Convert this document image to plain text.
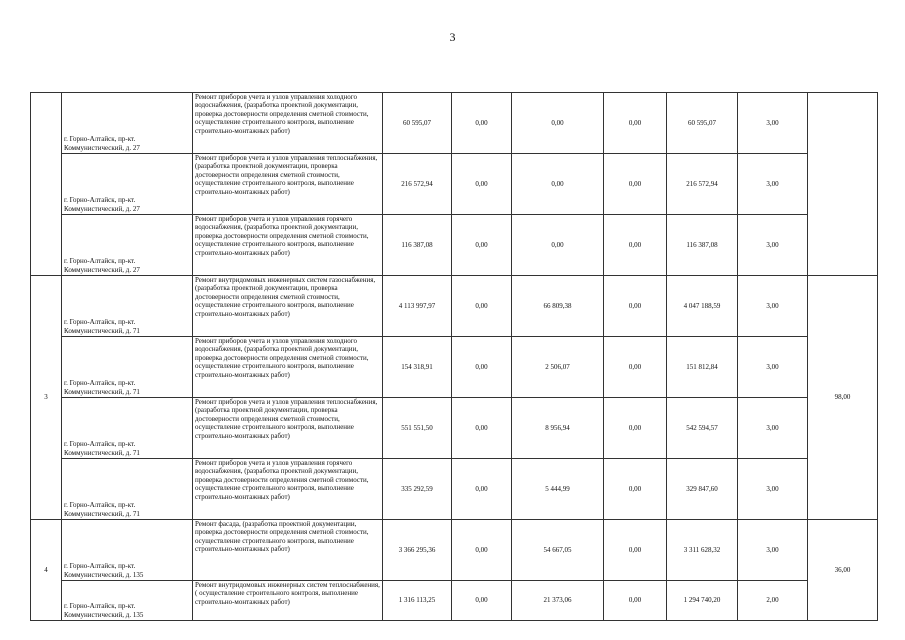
3
	г. Горно-Алтайск, пр-кт. Коммунистический, д. 27	Ремонт приборов учета и узлов управления холодного водоснабжения, (разработка проектной документации, проверка достоверности определения сметной стоимости, осуществление строительного контроля, выполнение строительно-монтажных работ)	60 595,07	0,00	0,00	0,00	60 595,07	3,00	
	г. Горно-Алтайск, пр-кт. Коммунистический, д. 27	Ремонт приборов учета и узлов управления теплоснабжения, (разработка проектной документации, проверка достоверности определения сметной стоимости, осуществление строительного контроля, выполнение строительно-монтажных работ)	216 572,94	0,00	0,00	0,00	216 572,94	3,00	
	г. Горно-Алтайск, пр-кт. Коммунистический, д. 27	Ремонт приборов учета и узлов управления горячего водоснабжения, (разработка проектной документации, проверка достоверности определения сметной стоимости, осуществление строительного контроля, выполнение строительно-монтажных работ)	116 387,08	0,00	0,00	0,00	116 387,08	3,00	
3	г. Горно-Алтайск, пр-кт. Коммунистический, д. 71	Ремонт внутридомовых инженерных систем газоснабжения, (разработка проектной документации, проверка достоверности определения сметной стоимости, осуществление строительного контроля, выполнение строительно-монтажных работ)	4 113 997,97	0,00	66 809,38	0,00	4 047 188,59	3,00	98,00
	г. Горно-Алтайск, пр-кт. Коммунистический, д. 71	Ремонт приборов учета и узлов управления холодного водоснабжения, (разработка проектной документации, проверка достоверности определения сметной стоимости, осуществление строительного контроля, выполнение строительно-монтажных работ)	154 318,91	0,00	2 506,07	0,00	151 812,84	3,00	
	г. Горно-Алтайск, пр-кт. Коммунистический, д. 71	Ремонт приборов учета и узлов управления теплоснабжения, (разработка проектной документации, проверка достоверности определения сметной стоимости, осуществление строительного контроля, выполнение строительно-монтажных работ)	551 551,50	0,00	8 956,94	0,00	542 594,57	3,00	
	г. Горно-Алтайск, пр-кт. Коммунистический, д. 71	Ремонт приборов учета и узлов управления горячего водоснабжения, (разработка проектной документации, проверка достоверности определения сметной стоимости, осуществление строительного контроля, выполнение строительно-монтажных работ)	335 292,59	0,00	5 444,99	0,00	329 847,60	3,00	
4	г. Горно-Алтайск, пр-кт. Коммунистический, д. 135	Ремонт фасада, (разработка проектной документации, проверка достоверности определения сметной стоимости, осуществление строительного контроля, выполнение строительно-монтажных работ)	3 366 295,36	0,00	54 667,05	0,00	3 311 628,32	3,00	36,00
	г. Горно-Алтайск, пр-кт. Коммунистический, д. 135	Ремонт внутридомовых инженерных систем теплоснабжения, ( осуществление строительного контроля, выполнение строительно-монтажных работ)	1 316 113,25	0,00	21 373,06	0,00	1 294 740,20	2,00	
